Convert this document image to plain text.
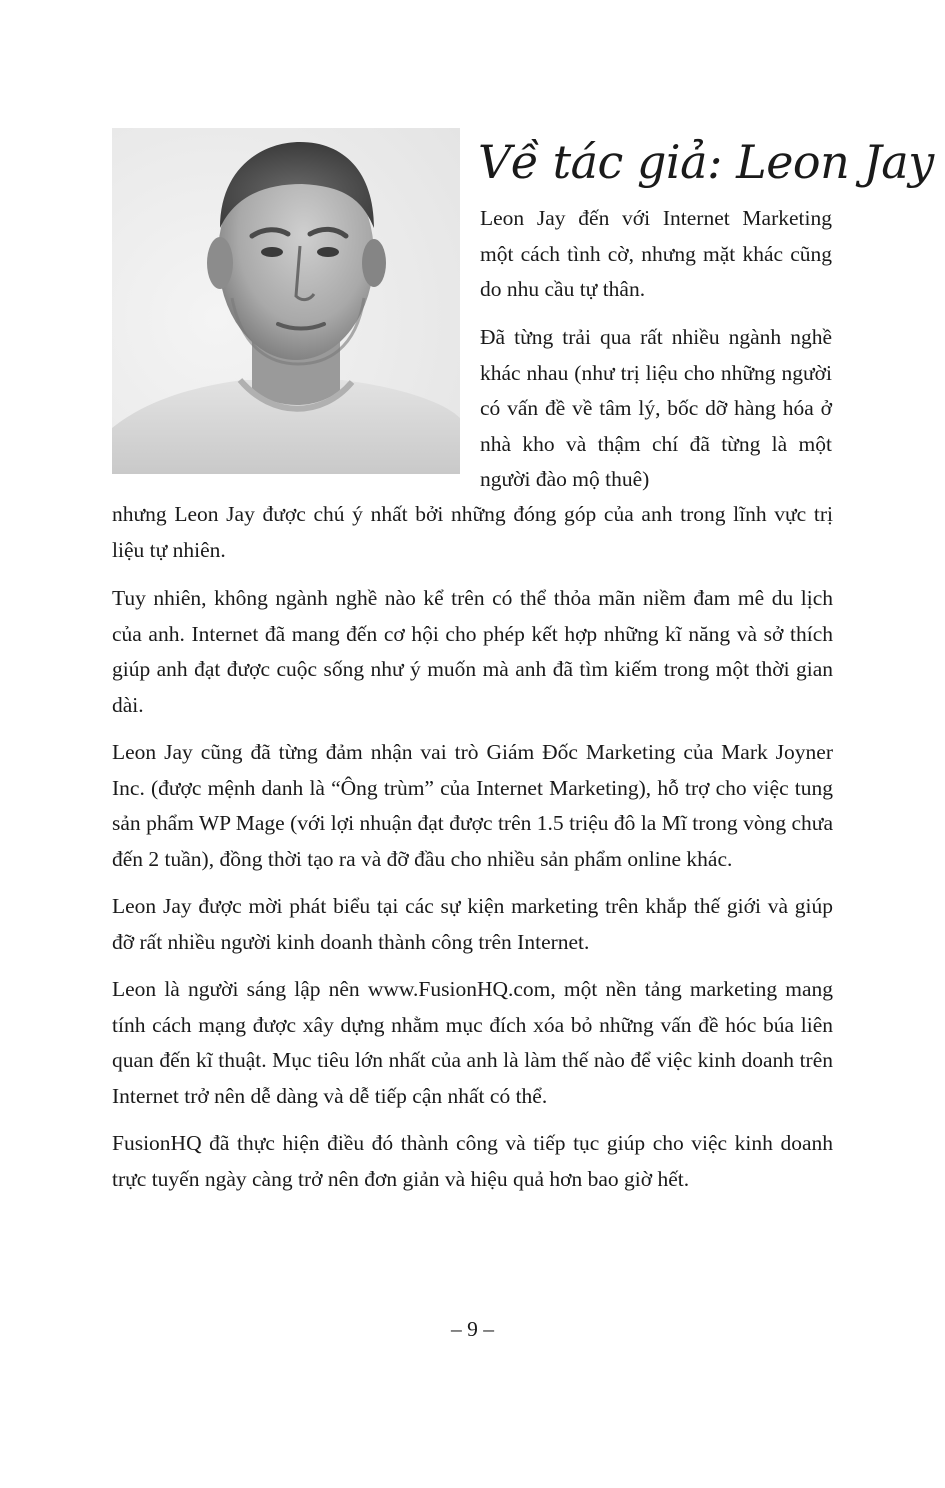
Về tác giả: Leon Jay

Leon Jay đến với Internet Marketing một cách tình cờ, nhưng mặt khác cũng do nhu cầu tự thân.

Đã từng trải qua rất nhiều ngành nghề khác nhau (như trị liệu cho những người có vấn đề về tâm lý, bốc dỡ hàng hóa ở nhà kho và thậm chí đã từng là một người đào mộ thuê)

nhưng Leon Jay được chú ý nhất bởi những đóng góp của anh trong lĩnh vực trị liệu tự nhiên.

Tuy nhiên, không ngành nghề nào kể trên có thể thỏa mãn niềm đam mê du lịch của anh. Internet đã mang đến cơ hội cho phép kết hợp những kĩ năng và sở thích giúp anh đạt được cuộc sống như ý muốn mà anh đã tìm kiếm trong một thời gian dài.

Leon Jay cũng đã từng đảm nhận vai trò Giám Đốc Marketing của Mark Joyner Inc. (được mệnh danh là “Ông trùm” của Internet Marketing), hỗ trợ cho việc tung sản phẩm WP Mage (với lợi nhuận đạt được trên 1.5 triệu đô la Mĩ trong vòng chưa đến 2 tuần), đồng thời tạo ra và đỡ đầu cho nhiều sản phẩm online khác.

Leon Jay được mời phát biểu tại các sự kiện marketing trên khắp thế giới và giúp đỡ rất nhiều người kinh doanh thành công trên Internet.

Leon là người sáng lập nên www.FusionHQ.com, một nền tảng marketing mang tính cách mạng được xây dựng nhằm mục đích xóa bỏ những vấn đề hóc búa liên quan đến kĩ thuật. Mục tiêu lớn nhất của anh là làm thế nào để việc kinh doanh trên Internet trở nên dễ dàng và dễ tiếp cận nhất có thể.

FusionHQ đã thực hiện điều đó thành công và tiếp tục giúp cho việc kinh doanh trực tuyến ngày càng trở nên đơn giản và hiệu quả hơn bao giờ hết.

– 9 –
